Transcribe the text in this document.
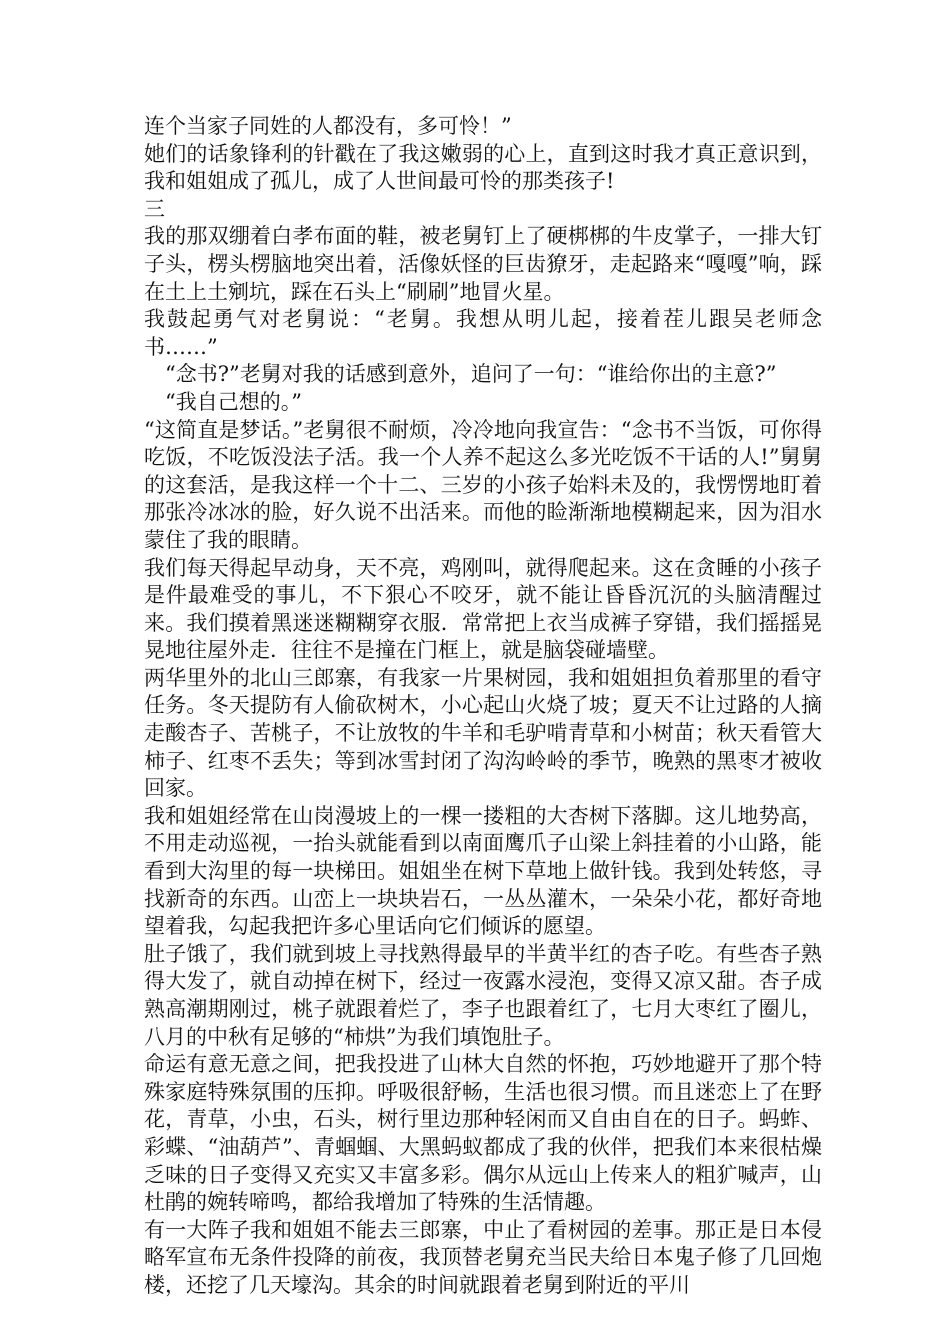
连个当家子同姓的人都没有，多可怜！”

她们的话象锋利的针戳在了我这嫩弱的心上，直到这时我才真正意识到，我和姐姐成了孤儿，成了人世间最可怜的那类孩子!

三

我的那双绷着白孝布面的鞋，被老舅钉上了硬梆梆的牛皮掌子，一排大钉子头，楞头楞脑地突出着，活像妖怪的巨齿獠牙，走起路来“嘎嘎”响，踩在土上土剜坑，踩在石头上“刷刷”地冒火星。

我鼓起勇气对老舅说：“老舅。我想从明儿起，接着茬儿跟吴老师念书……”

“念书?”老舅对我的话感到意外，追问了一句：“谁给你出的主意?”

“我自己想的。”

“这简直是梦话。”老舅很不耐烦，冷冷地向我宣告：“念书不当饭，可你得吃饭，不吃饭没法子活。我一个人养不起这么多光吃饭不干话的人!”舅舅的这套活，是我这样一个十二、三岁的小孩子始料未及的，我愣愣地盯着那张冷冰冰的脸，好久说不出活来。而他的睑渐渐地模糊起来，因为泪水蒙住了我的眼睛。

我们每天得起早动身，天不亮，鸡刚叫，就得爬起来。这在贪睡的小孩子是件最难受的事儿，不下狠心不咬牙，就不能让昏昏沉沉的头脑清醒过来。我们摸着黑迷迷糊糊穿衣服．常常把上衣当成裤子穿错，我们摇摇晃晃地往屋外走．往往不是撞在门框上，就是脑袋碰墙壁。

两华里外的北山三郎寨，有我家一片果树园，我和姐姐担负着那里的看守任务。冬天提防有人偷砍树木，小心起山火烧了坡；夏天不让过路的人摘走酸杏子、苦桃子，不让放牧的牛羊和毛驴啃青草和小树苗；秋天看管大柿子、红枣不丢失；等到冰雪封闭了沟沟岭岭的季节，晚熟的黑枣才被收回家。

我和姐姐经常在山岗漫坡上的一棵一搂粗的大杏树下落脚。这儿地势高，不用走动巡视，一抬头就能看到以南面鹰爪子山梁上斜挂着的小山路，能看到大沟里的每一块梯田。姐姐坐在树下草地上做针钱。我到处转悠，寻找新奇的东西。山峦上一块块岩石，一丛丛灌木，一朵朵小花，都好奇地望着我，勾起我把许多心里话向它们倾诉的愿望。

肚子饿了，我们就到坡上寻找熟得最早的半黄半红的杏子吃。有些杏子熟得大发了，就自动掉在树下，经过一夜露水浸泡，变得又凉又甜。杏子成熟高潮期刚过，桃子就跟着烂了，李子也跟着红了，七月大枣红了圈儿，八月的中秋有足够的“柿烘”为我们填饱肚子。

命运有意无意之间，把我投进了山林大自然的怀抱，巧妙地避开了那个特殊家庭特殊氛围的压抑。呼吸很舒畅，生活也很习惯。而且迷恋上了在野花，青草，小虫，石头，树行里边那种轻闲而又自由自在的日子。蚂蚱、彩蝶、“油葫芦”、青蝈蝈、大黑蚂蚁都成了我的伙伴，把我们本来很枯燥乏味的日子变得又充实又丰富多彩。偶尔从远山上传来人的粗犷喊声，山杜鹃的婉转啼鸣，都给我增加了特殊的生活情趣。

有一大阵子我和姐姐不能去三郎寨，中止了看树园的差事。那正是日本侵略军宣布无条件投降的前夜，我顶替老舅充当民夫给日本鬼子修了几回炮楼，还挖了几天壕沟。其余的时间就跟着老舅到附近的平川
